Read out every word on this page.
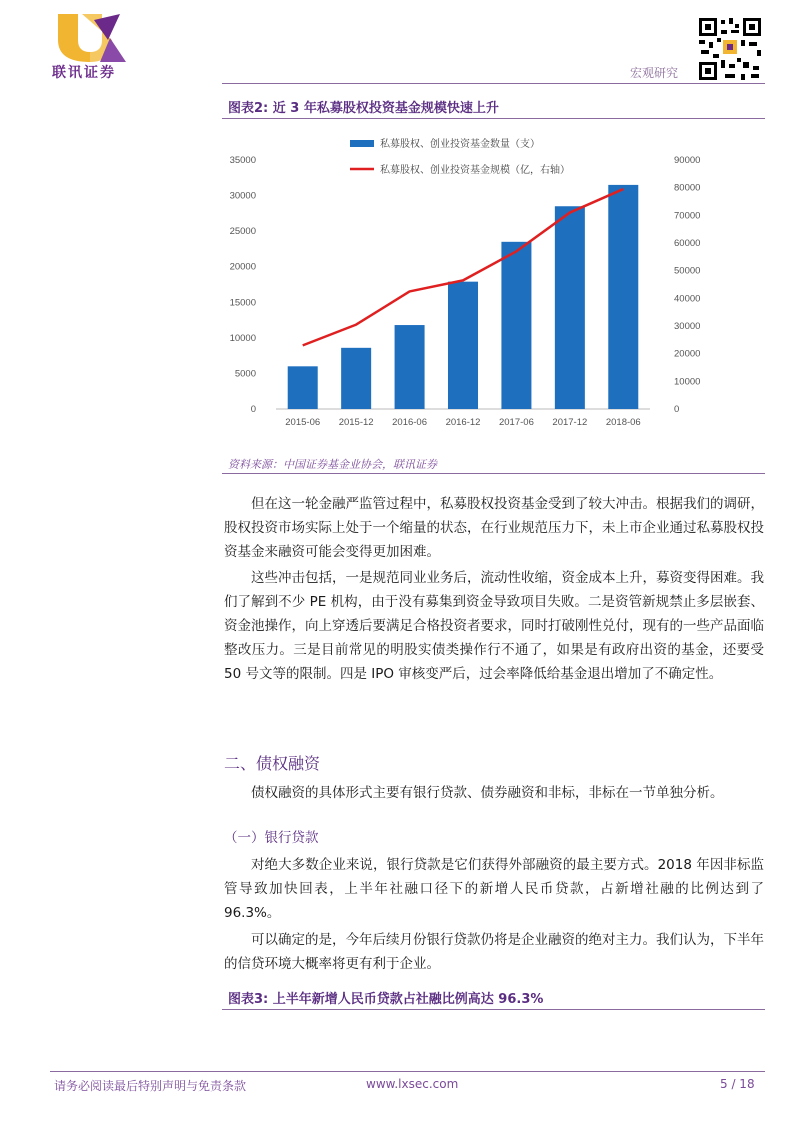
联讯证券	宏观研究
图表2: 近 3 年私募股权投资基金规模快速上升
0
5000
10000
15000
20000
25000
30000
35000
0
10000
20000
30000
40000
50000
60000
70000
80000
90000
2015-06 2015-12 2016-06 2016-12 2017-06 2017-12 2018-06
私募股权、创业投资基金数量（支）
私募股权、创业投资基金规模（亿，右轴）
资料来源：中国证券基金业协会，联讯证券

但在这一轮金融严监管过程中，私募股权投资基金受到了较大冲击。根据我们的调研，股权投资市场实际上处于一个缩量的状态，在行业规范压力下，未上市企业通过私募股权投资基金来融资可能会变得更加困难。

这些冲击包括，一是规范同业业务后，流动性收缩，资金成本上升，募资变得困难。我们了解到不少 PE 机构，由于没有募集到资金导致项目失败。二是资管新规禁止多层嵌套、资金池操作，向上穿透后要满足合格投资者要求，同时打破刚性兑付，现有的一些产品面临整改压力。三是目前常见的明股实债类操作行不通了，如果是有政府出资的基金，还要受 50 号文等的限制。四是 IPO 审核变严后，过会率降低给基金退出增加了不确定性。

二、债权融资

债权融资的具体形式主要有银行贷款、债券融资和非标，非标在一节单独分析。

（一）银行贷款

对绝大多数企业来说，银行贷款是它们获得外部融资的最主要方式。2018 年因非标监管导致加快回表，上半年社融口径下的新增人民币贷款，占新增社融的比例达到了 96.3%。

可以确定的是，今年后续月份银行贷款仍将是企业融资的绝对主力。我们认为，下半年的信贷环境大概率将更有利于企业。

图表3: 上半年新增人民币贷款占社融比例高达 96.3%
请务必阅读最后特别声明与免责条款	www.lxsec.com	5 / 18
